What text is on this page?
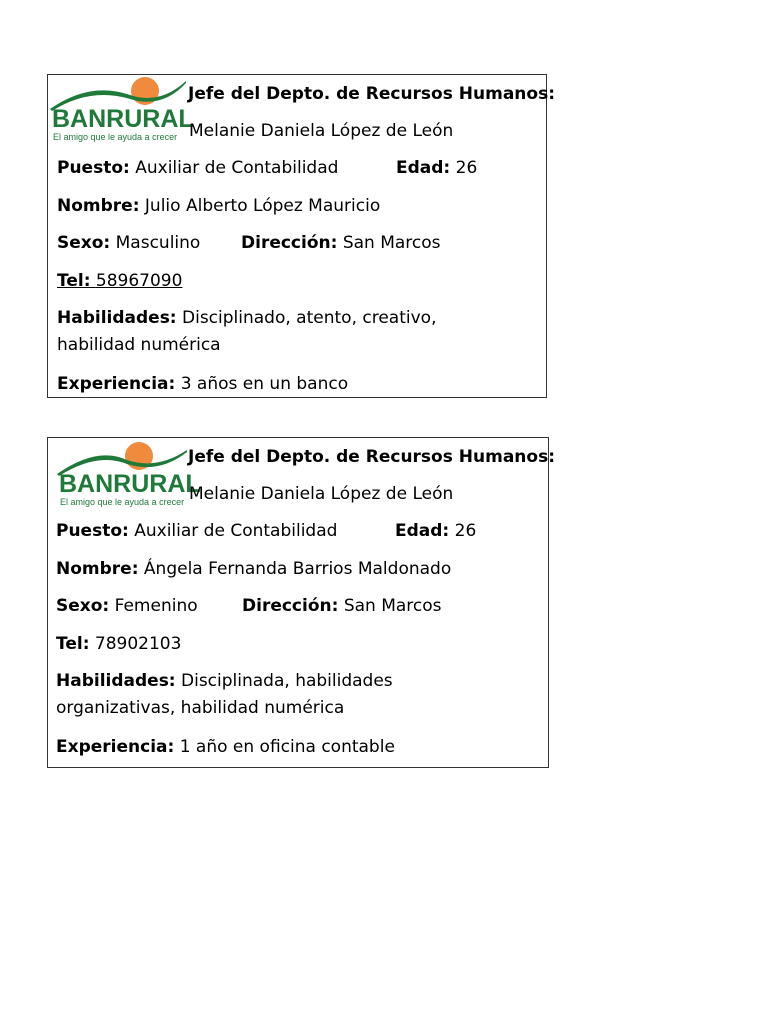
BANRURAL
El amigo que le ayuda a crecer
Jefe del Depto. de Recursos Humanos:
Melanie Daniela López de León
Puesto: Auxiliar de Contabilidad	Edad: 26
Nombre: Julio Alberto López Mauricio
Sexo: Masculino Dirección: San Marcos
Tel: 58967090
Habilidades: Disciplinado, atento, creativo, habilidad numérica
Experiencia: 3 años en un banco
BANRURAL
El amigo que le ayuda a crecer
Jefe del Depto. de Recursos Humanos:
Melanie Daniela López de León
Puesto: Auxiliar de Contabilidad	Edad: 26
Nombre: Ángela Fernanda Barrios Maldonado
Sexo: Femenino	Dirección: San Marcos
Tel: 78902103
Habilidades: Disciplinada, habilidades organizativas, habilidad numérica
Experiencia: 1 año en oficina contable
